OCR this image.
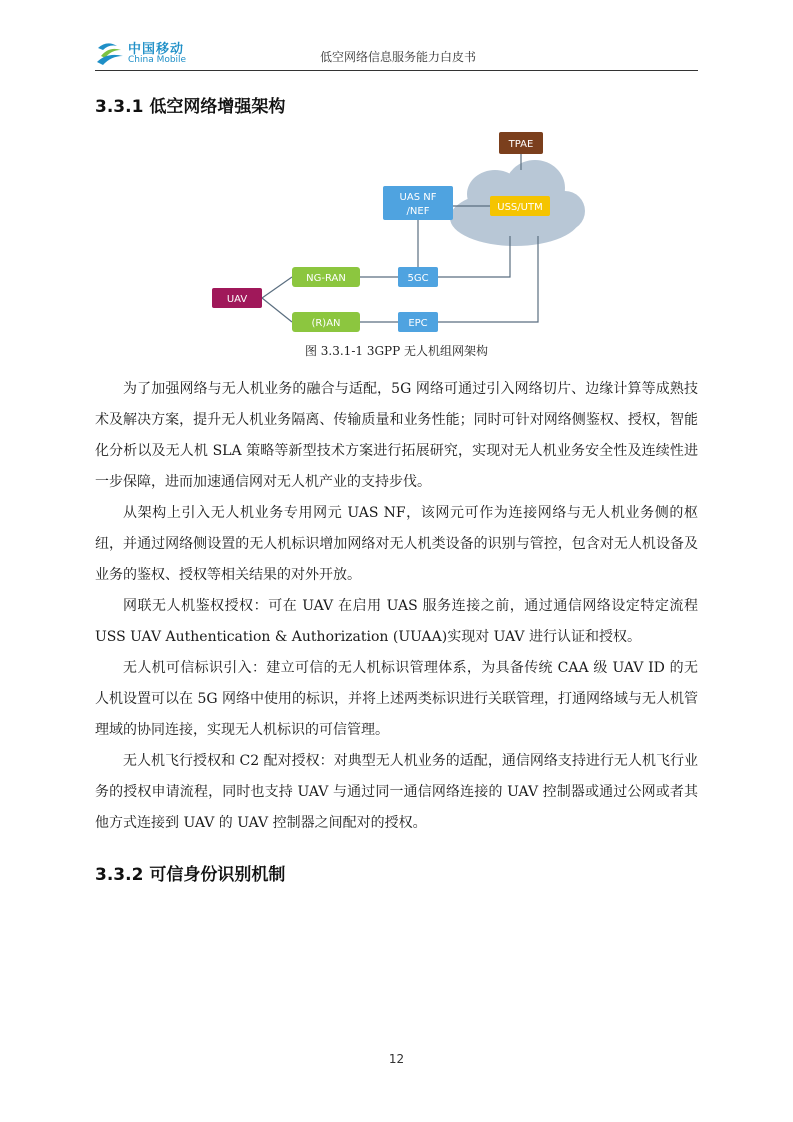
中国移动
China Mobile	低空网络信息服务能力白皮书
3.3.1 低空网络增强架构
TPAE
UAS NF
/NEF	USS/UTM
NG-RAN	5GC
UAV
(R)AN	EPC
图 3.3.1-1 3GPP 无人机组网架构

为了加强网络与无人机业务的融合与适配，5G 网络可通过引入网络切片、边缘计算等成熟技术及解决方案，提升无人机业务隔离、传输质量和业务性能；同时可针对网络侧鉴权、授权，智能化分析以及无人机 SLA 策略等新型技术方案进行拓展研究，实现对无人机业务安全性及连续性进一步保障，进而加速通信网对无人机产业的支持步伐。

从架构上引入无人机业务专用网元 UAS NF，该网元可作为连接网络与无人机业务侧的枢纽，并通过网络侧设置的无人机标识增加网络对无人机类设备的识别与管控，包含对无人机设备及业务的鉴权、授权等相关结果的对外开放。

网联无人机鉴权授权：可在 UAV 在启用 UAS 服务连接之前，通过通信网络设定特定流程 USS UAV Authentication & Authorization (UUAA)实现对 UAV 进行认证和授权。

无人机可信标识引入：建立可信的无人机标识管理体系，为具备传统 CAA 级 UAV ID 的无人机设置可以在 5G 网络中使用的标识，并将上述两类标识进行关联管理，打通网络域与无人机管理域的协同连接，实现无人机标识的可信管理。

无人机飞行授权和 C2 配对授权：对典型无人机业务的适配，通信网络支持进行无人机飞行业务的授权申请流程，同时也支持 UAV 与通过同一通信网络连接的 UAV 控制器或通过公网或者其他方式连接到 UAV 的 UAV 控制器之间配对的授权。

3.3.2 可信身份识别机制
12
